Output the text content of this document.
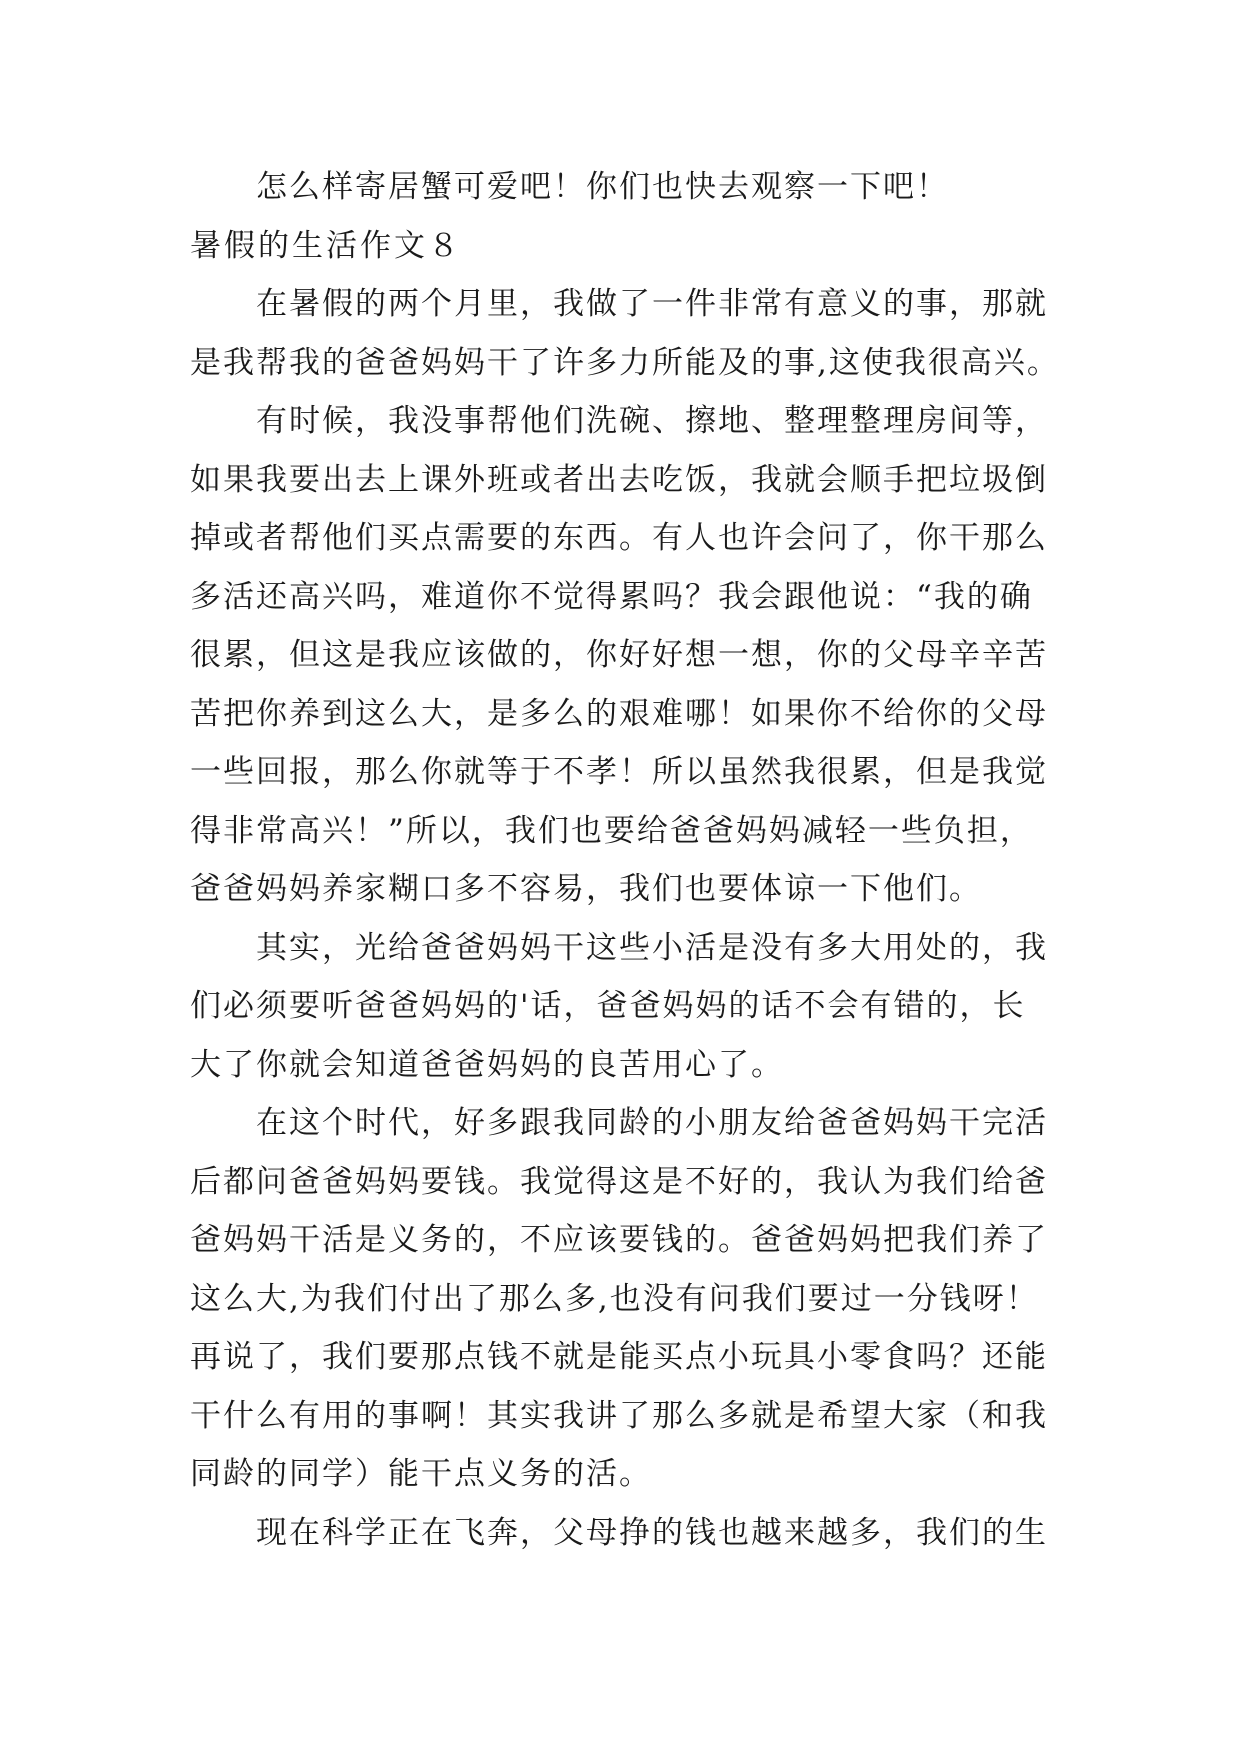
怎么样寄居蟹可爱吧！你们也快去观察一下吧！
暑假的生活作文８
在暑假的两个月里，我做了一件非常有意义的事，那就
是我帮我的爸爸妈妈干了许多力所能及的事,这使我很高兴。
有时候，我没事帮他们洗碗、擦地、整理整理房间等，
如果我要出去上课外班或者出去吃饭，我就会顺手把垃圾倒
掉或者帮他们买点需要的东西。有人也许会问了，你干那么
多活还高兴吗，难道你不觉得累吗？我会跟他说：“我的确
很累，但这是我应该做的，你好好想一想，你的父母辛辛苦
苦把你养到这么大，是多么的艰难哪！如果你不给你的父母
一些回报，那么你就等于不孝！所以虽然我很累，但是我觉
得非常高兴！”所以，我们也要给爸爸妈妈减轻一些负担，
爸爸妈妈养家糊口多不容易，我们也要体谅一下他们。
其实，光给爸爸妈妈干这些小活是没有多大用处的，我
们必须要听爸爸妈妈的'话，爸爸妈妈的话不会有错的，长
大了你就会知道爸爸妈妈的良苦用心了。
在这个时代，好多跟我同龄的小朋友给爸爸妈妈干完活
后都问爸爸妈妈要钱。我觉得这是不好的，我认为我们给爸
爸妈妈干活是义务的，不应该要钱的。爸爸妈妈把我们养了
这么大,为我们付出了那么多,也没有问我们要过一分钱呀！
再说了，我们要那点钱不就是能买点小玩具小零食吗？还能
干什么有用的事啊！其实我讲了那么多就是希望大家（和我
同龄的同学）能干点义务的活。
现在科学正在飞奔，父母挣的钱也越来越多，我们的生
